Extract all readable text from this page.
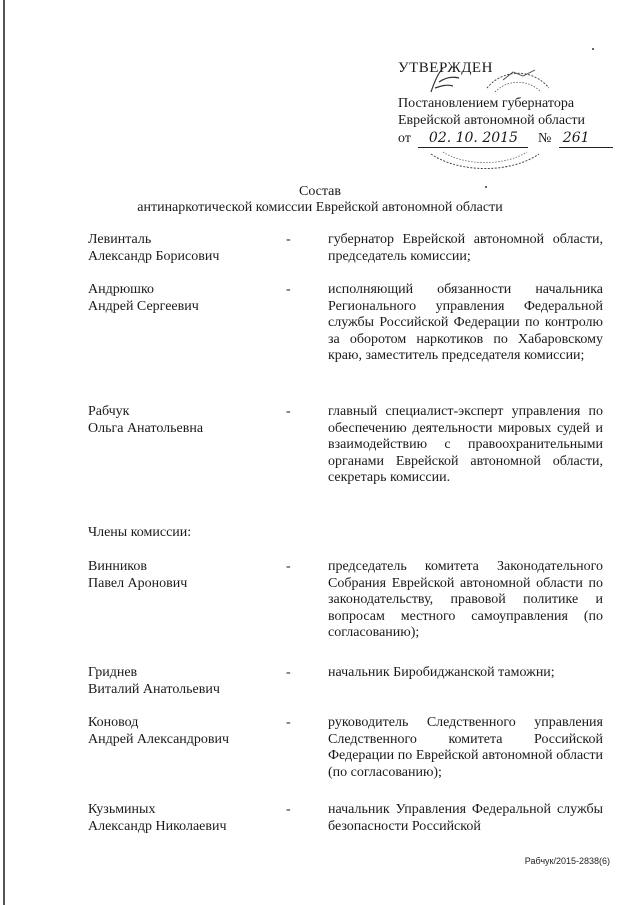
УТВЕРЖДЕН
Постановлением губернатора
Еврейской автономной области
от 02. 10. 2015 № 261
Состав
антинаркотической комиссии Еврейской автономной области
Левинталь
Александр Борисович
-	губернатор Еврейской автономной области, председатель комиссии;
Андрюшко
Андрей Сергеевич
-	исполняющий обязанности начальника Регионального управления Федеральной службы Российской Федерации по контролю за оборотом наркотиков по Хабаровскому краю, заместитель председателя комиссии;
Рабчук
Ольга Анатольевна
-	главный специалист-эксперт управления по обеспечению деятельности мировых судей и взаимодействию с правоохранительными органами Еврейской автономной области, секретарь комиссии.
Члены комиссии:
Винников
Павел Аронович
-	председатель комитета Законодательного Собрания Еврейской автономной области по законодательству, правовой политике и вопросам местного самоуправления (по согласованию);
Гриднев
Виталий Анатольевич
-	начальник Биробиджанской таможни;
Коновод
Андрей Александрович
-	руководитель Следственного управления Следственного комитета Российской Федерации по Еврейской автономной области (по согласованию);
Кузьминых
Александр Николаевич
-	начальник Управления Федеральной службы безопасности Российской
Рабчук/2015-2838(6)
